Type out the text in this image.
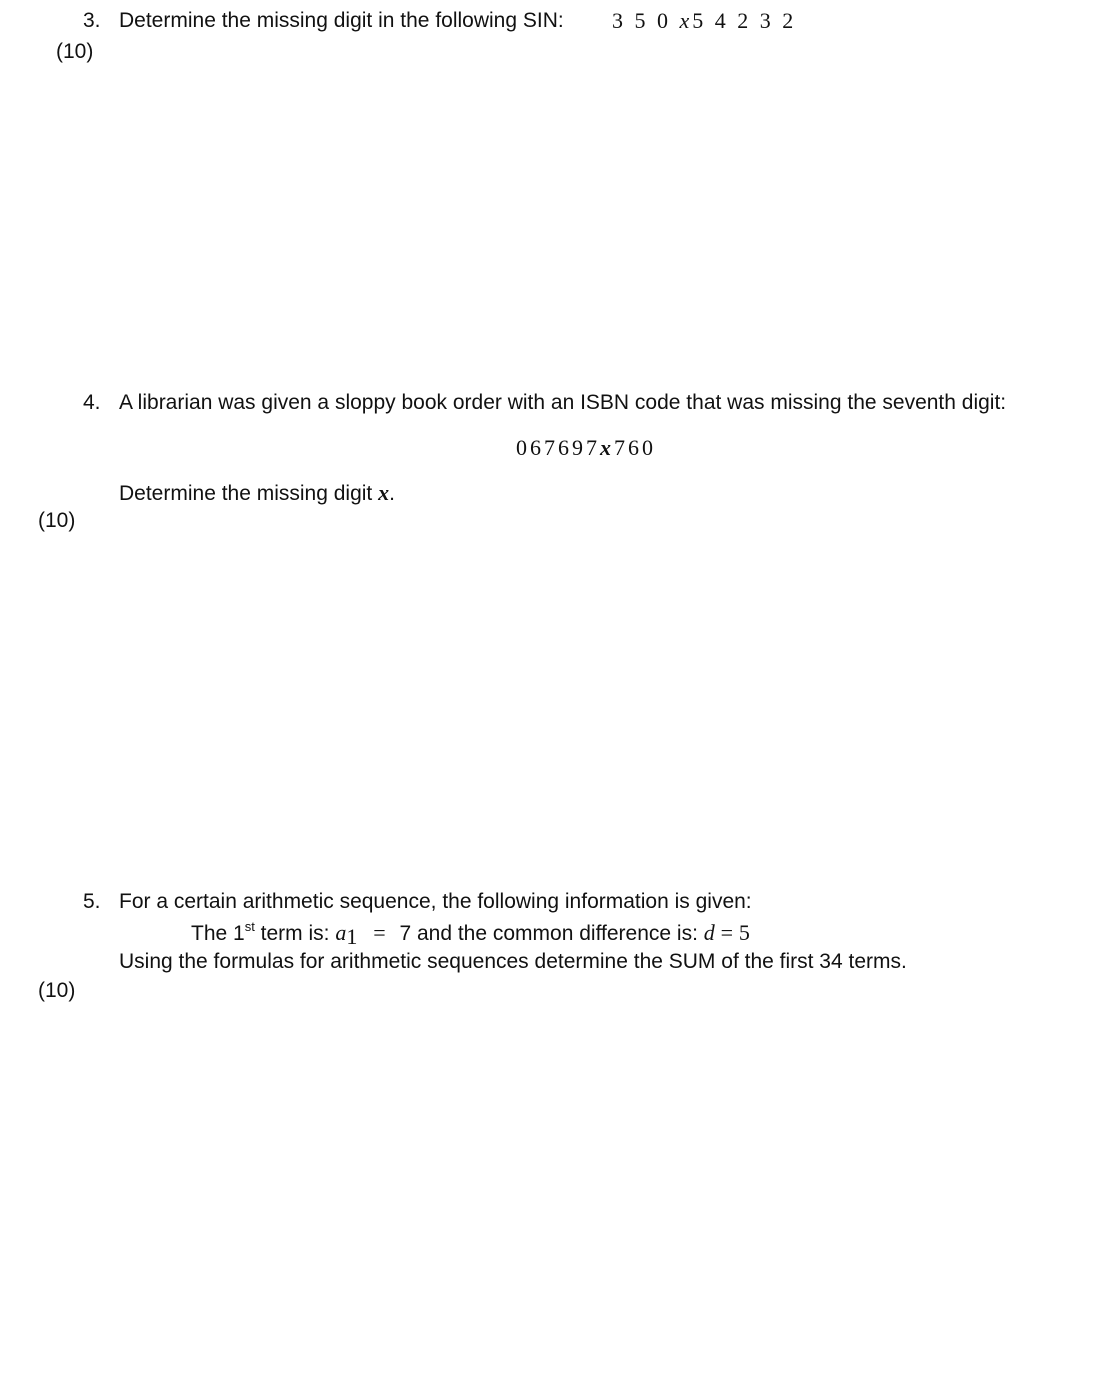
3. Determine the missing digit in the following SIN: 3 5 0 x5 4 2 3 2
(10)
4. A librarian was given a sloppy book order with an ISBN code that was missing the seventh digit:
067697x760
Determine the missing digit x.
(10)
5. For a certain arithmetic sequence, the following information is given:
The 1st term is: $a_1 = 7$ and the common difference is: d = 5
Using the formulas for arithmetic sequences determine the SUM of the first 34 terms.
(10)
